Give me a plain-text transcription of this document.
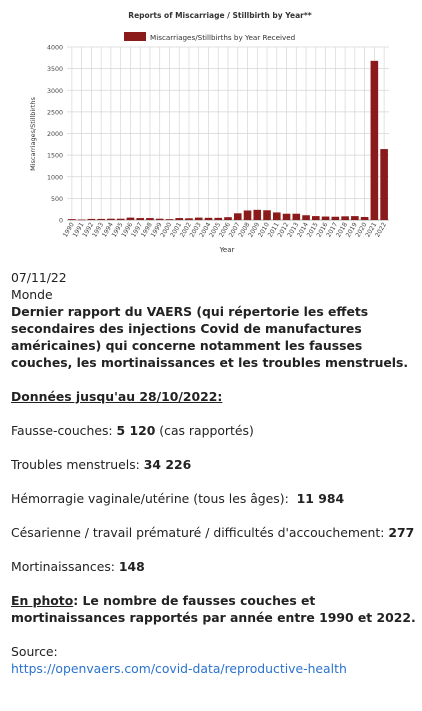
Reports of Miscarriage / Stillbirth by Year**
Miscarriages/Stillbirths by Year Received
Miscarriages/Stillbirths
Year
0
500
1000
1500
2000
2500
3000
3500
4000
1990
1991
1992
1993
1994
1995
1996
1997
1998
1999
2000
2001
2002
2003
2004
2005
2006
2007
2008
2009
2010
2011
2012
2013
2014
2015
2016
2017
2018
2019
2020
2021
2022

07/11/22

Monde

Dernier rapport du VAERS (qui répertorie les effets secondaires des injections Covid de manufactures américaines) qui concerne notamment les fausses couches, les mortinaissances et les troubles menstruels.

Données jusqu'au 28/10/2022:

Fausse-couches: 5 120 (cas rapportés)

Troubles menstruels: 34 226

Hémorragie vaginale/utérine (tous les âges):  11 984

Césarienne / travail prématuré / difficultés d'accouchement: 277

Mortinaissances: 148

En photo: Le nombre de fausses couches et mortinaissances rapportés par année entre 1990 et 2022.

Source:

https://openvaers.com/covid-data/reproductive-health
